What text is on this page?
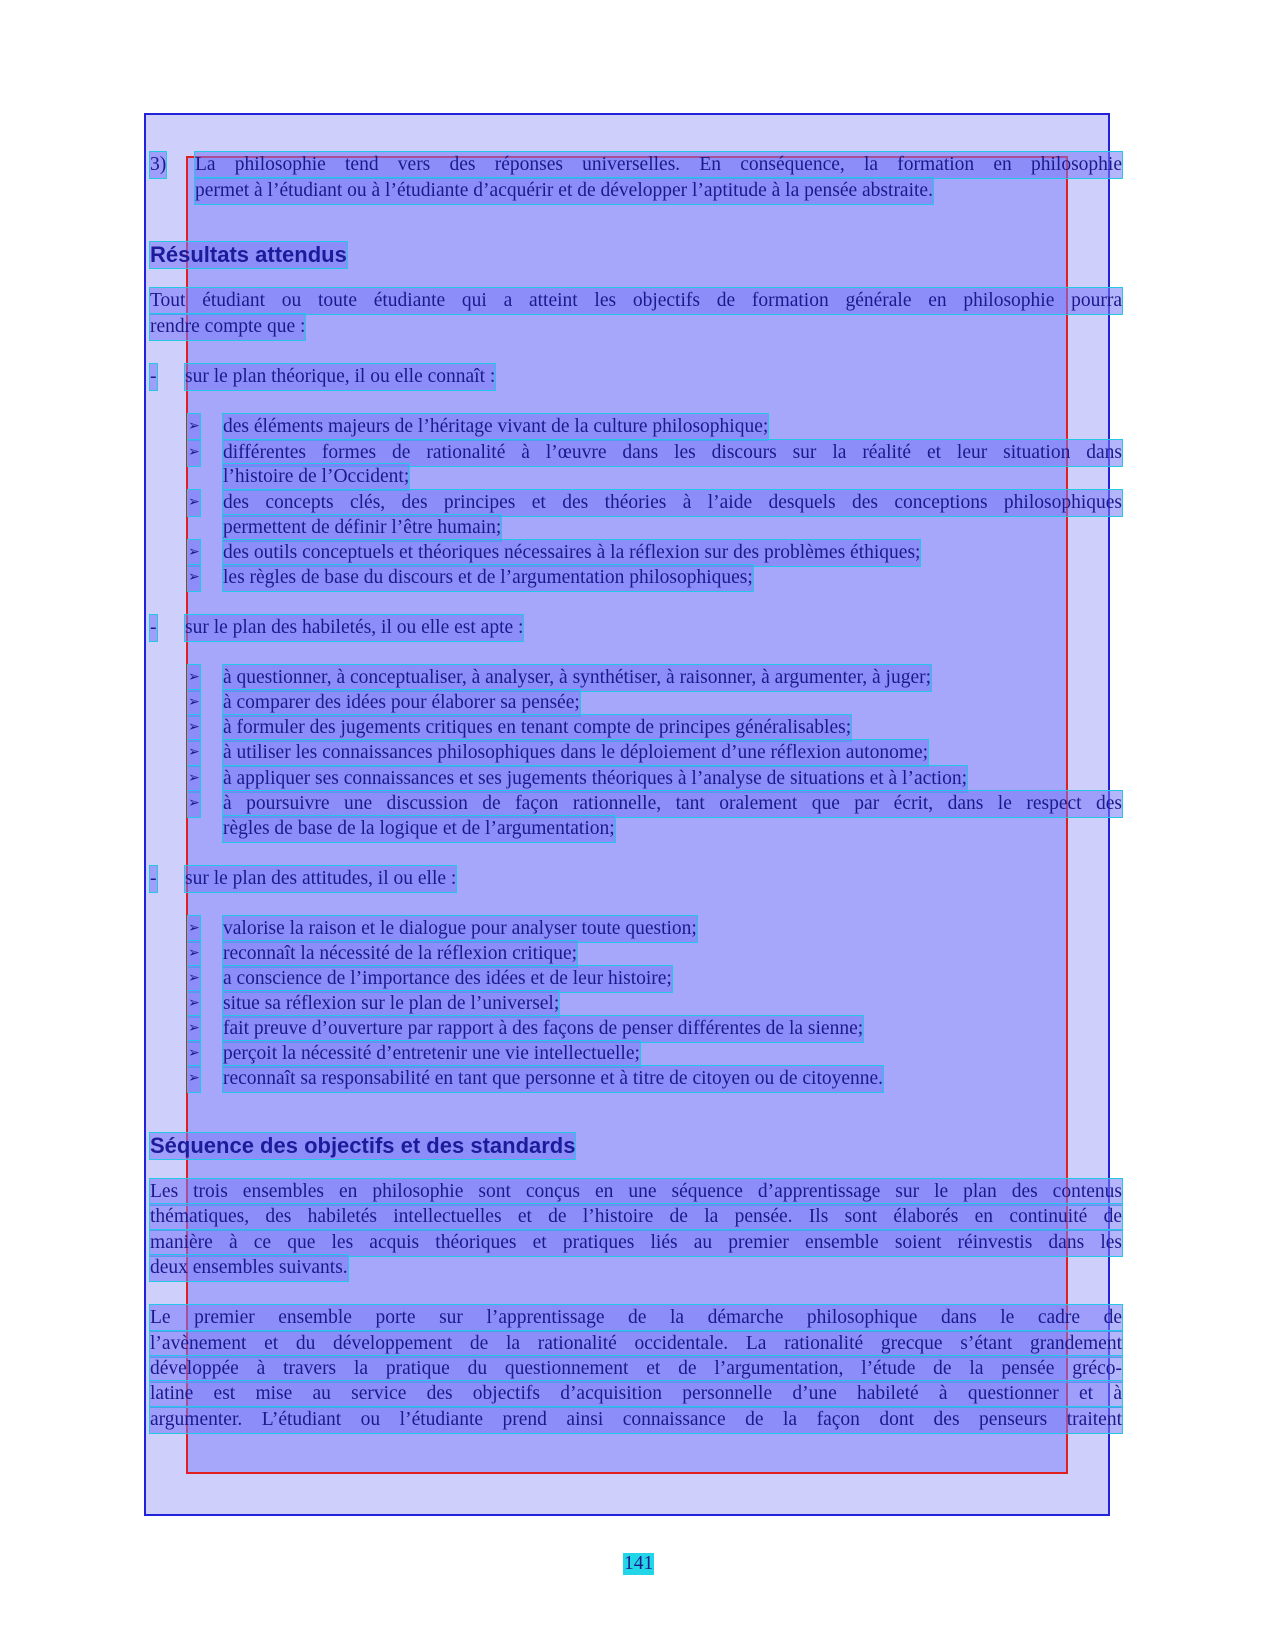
3) La philosophie tend vers des réponses universelles. En conséquence, la formation en philosophie
permet à l’étudiant ou à l’étudiante d’acquérir et de développer l’aptitude à la pensée abstraite.
Résultats attendus
Tout étudiant ou toute étudiante qui a atteint les objectifs de formation générale en philosophie pourra
rendre compte que :
- sur le plan théorique, il ou elle connaît :
➢ des éléments majeurs de l’héritage vivant de la culture philosophique;
➢ différentes formes de rationalité à l’œuvre dans les discours sur la réalité et leur situation dans
l’histoire de l’Occident;
➢ des concepts clés, des principes et des théories à l’aide desquels des conceptions philosophiques
permettent de définir l’être humain;
➢ des outils conceptuels et théoriques nécessaires à la réflexion sur des problèmes éthiques;
➢ les règles de base du discours et de l’argumentation philosophiques;
- sur le plan des habiletés, il ou elle est apte :
➢ à questionner, à conceptualiser, à analyser, à synthétiser, à raisonner, à argumenter, à juger;
➢ à comparer des idées pour élaborer sa pensée;
➢ à formuler des jugements critiques en tenant compte de principes généralisables;
➢ à utiliser les connaissances philosophiques dans le déploiement d’une réflexion autonome;
➢ à appliquer ses connaissances et ses jugements théoriques à l’analyse de situations et à l’action;
➢ à poursuivre une discussion de façon rationnelle, tant oralement que par écrit, dans le respect des
règles de base de la logique et de l’argumentation;
- sur le plan des attitudes, il ou elle :
➢ valorise la raison et le dialogue pour analyser toute question;
➢ reconnaît la nécessité de la réflexion critique;
➢ a conscience de l’importance des idées et de leur histoire;
➢ situe sa réflexion sur le plan de l’universel;
➢ fait preuve d’ouverture par rapport à des façons de penser différentes de la sienne;
➢ perçoit la nécessité d’entretenir une vie intellectuelle;
➢ reconnaît sa responsabilité en tant que personne et à titre de citoyen ou de citoyenne.
Séquence des objectifs et des standards
Les trois ensembles en philosophie sont conçus en une séquence d’apprentissage sur le plan des contenus
thématiques, des habiletés intellectuelles et de l’histoire de la pensée. Ils sont élaborés en continuité de
manière à ce que les acquis théoriques et pratiques liés au premier ensemble soient réinvestis dans les
deux ensembles suivants.
Le premier ensemble porte sur l’apprentissage de la démarche philosophique dans le cadre de
l’avènement et du développement de la rationalité occidentale. La rationalité grecque s’étant grandement
développée à travers la pratique du questionnement et de l’argumentation, l’étude de la pensée gréco-
latine est mise au service des objectifs d’acquisition personnelle d’une habileté à questionner et à
argumenter. L’étudiant ou l’étudiante prend ainsi connaissance de la façon dont des penseurs traitent
141
